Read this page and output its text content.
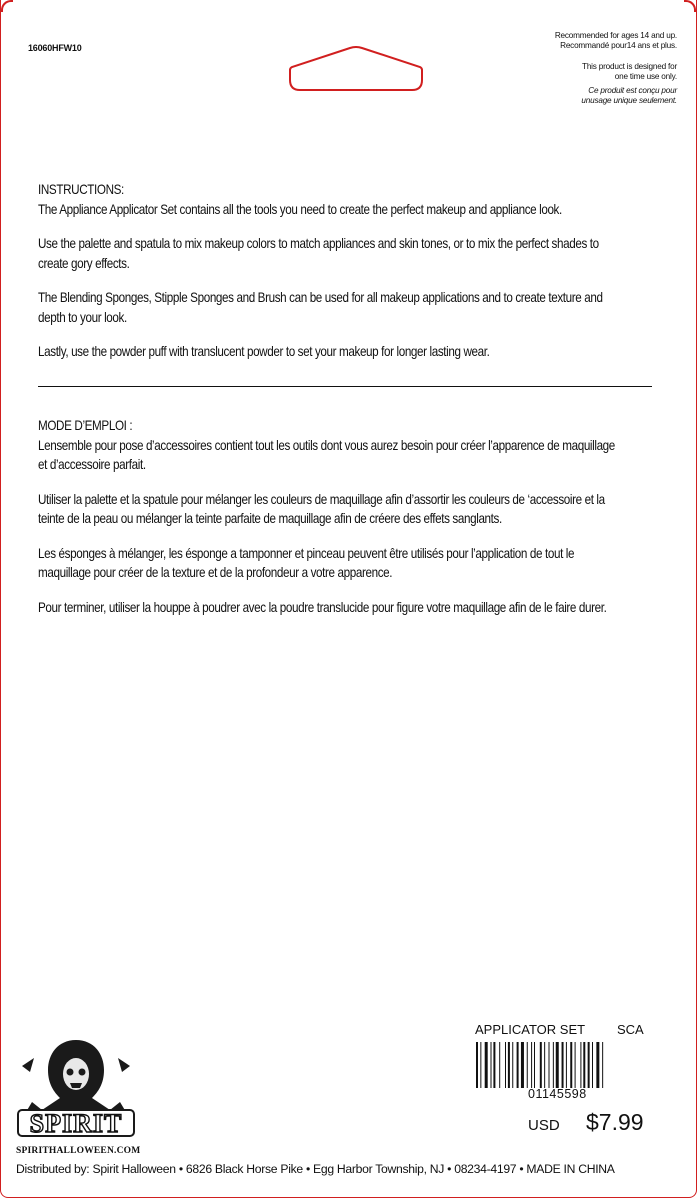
16060HFW10
Recommended for ages 14 and up.
Recommandé pour14 ans et plus.
This product is designed for
one time use only.
Ce produit est conçu pour
unusage unique seulement.

INSTRUCTIONS:
The Appliance Applicator Set contains all the tools you need to create the perfect makeup and appliance look.

Use the palette and spatula to mix makeup colors to match appliances and skin tones, or to mix the perfect shades to
create gory effects.

The Blending Sponges, Stipple Sponges and Brush can be used for all makeup applications and to create texture and
depth to your look.

Lastly, use the powder puff with translucent powder to set your makeup for longer lasting wear.

MODE D’EMPLOI :
Lensemble pour pose d’accessoires contient tout les outils dont vous aurez besoin pour créer l’apparence de maquillage
et d’accessoire parfait.

Utiliser la palette et la spatule pour mélanger les couleurs de maquillage afin d’assortir les couleurs de ‘accessoire et la
teinte de la peau ou mélanger la teinte parfaite de maquillage afin de créere des effets sanglants.

Les ésponges à mélanger, les ésponge a tamponner et pinceau peuvent être utilisés pour l’application de tout le
maquillage pour créer de la texture et de la profondeur a votre apparence.

Pour terminer, utiliser la houppe à poudrer avec la poudre translucide pour figure votre maquillage afin de le faire durer.

SPIRIT
SPIRITHALLOWEEN.COM
Distributed by: Spirit Halloween • 6826 Black Horse Pike • Egg Harbor Township, NJ • 08234-4197 • MADE IN CHINA
APPLICATOR SET SCA
01145598
USD $7.99
